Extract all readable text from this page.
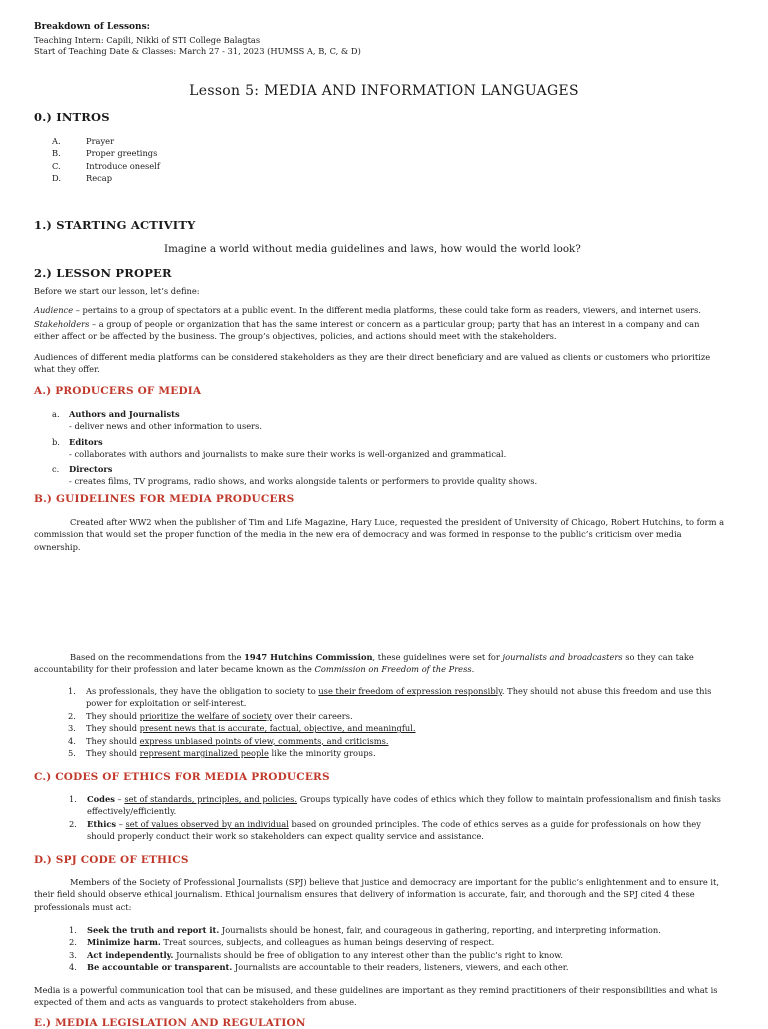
Breakdown of Lessons:
Teaching Intern: Capili, Nikki of STI College Balagtas
Start of Teaching Date & Classes: March 27 - 31, 2023 (HUMSS A, B, C, & D)
Lesson 5: MEDIA AND INFORMATION LANGUAGES
0.) INTROS
A.	Prayer
B.	Proper greetings
C.	Introduce oneself
D.	Recap
1.) STARTING ACTIVITY
Imagine a world without media guidelines and laws, how would the world look?
2.) LESSON PROPER
Before we start our lesson, let’s define:
Audience – pertains to a group of spectators at a public event. In the different media platforms, these could take form as readers, viewers, and internet users.
Stakeholders – a group of people or organization that has the same interest or concern as a particular group; party that has an interest in a company and can either affect or be affected by the business. The group’s objectives, policies, and actions should meet with the stakeholders.
Audiences of different media platforms can be considered stakeholders as they are their direct beneficiary and are valued as clients or customers who prioritize what they offer.
A.) PRODUCERS OF MEDIA
a. Authors and Journalists
- deliver news and other information to users.
b. Editors
- collaborates with authors and journalists to make sure their works is well-organized and grammatical.
c. Directors
- creates films, TV programs, radio shows, and works alongside talents or performers to provide quality shows.
B.) GUIDELINES FOR MEDIA PRODUCERS
Created after WW2 when the publisher of Tim and Life Magazine, Hary Luce, requested the president of University of Chicago, Robert Hutchins, to form a commission that would set the proper function of the media in the new era of democracy and was formed in response to the public’s criticism over media ownership.
Based on the recommendations from the 1947 Hutchins Commission, these guidelines were set for journalists and broadcasters so they can take accountability for their profession and later became known as the Commission on Freedom of the Press.
1. As professionals, they have the obligation to society to use their freedom of expression responsibly. They should not abuse this freedom and use this power for exploitation or self-interest.
2. They should prioritize the welfare of society over their careers.
3. They should present news that is accurate, factual, objective, and meaningful.
4. They should express unbiased points of view, comments, and criticisms.
5. They should represent marginalized people like the minority groups.
C.) CODES OF ETHICS FOR MEDIA PRODUCERS
1. Codes – set of standards, principles, and policies. Groups typically have codes of ethics which they follow to maintain professionalism and finish tasks effectively/efficiently.
2. Ethics – set of values observed by an individual based on grounded principles. The code of ethics serves as a guide for professionals on how they should properly conduct their work so stakeholders can expect quality service and assistance.
D.) SPJ CODE OF ETHICS
Members of the Society of Professional Journalists (SPJ) believe that justice and democracy are important for the public’s enlightenment and to ensure it, their field should observe ethical journalism. Ethical journalism ensures that delivery of information is accurate, fair, and thorough and the SPJ cited 4 these professionals must act:
1. Seek the truth and report it. Journalists should be honest, fair, and courageous in gathering, reporting, and interpreting information.
2. Minimize harm. Treat sources, subjects, and colleagues as human beings deserving of respect.
3. Act independently. Journalists should be free of obligation to any interest other than the public’s right to know.
4. Be accountable or transparent. Journalists are accountable to their readers, listeners, viewers, and each other.
Media is a powerful communication tool that can be misused, and these guidelines are important as they remind practitioners of their responsibilities and what is expected of them and acts as vanguards to protect stakeholders from abuse.
E.) MEDIA LEGISLATION AND REGULATION
